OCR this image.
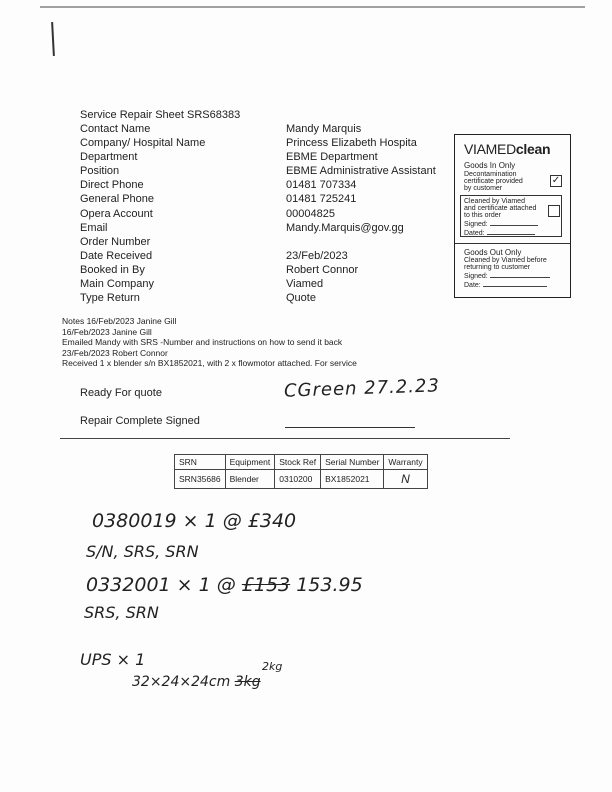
Service Repair Sheet SRS68383
Contact Name	Mandy Marquis
Company/ Hospital Name	Princess Elizabeth Hospita
Department	EBME Department
Position	EBME Administrative Assistant
Direct Phone	01481 707334
General Phone	01481 725241
Opera Account	00004825
Email	Mandy.Marquis@gov.gg
Order Number
Date Received	23/Feb/2023
Booked in By	Robert Connor
Main Company	Viamed
Type Return	Quote
VIAMEDclean
Goods In Only
Decontamination
certificate provided
by customer
✓
Cleaned by Viamed
and certificate attached
to this order
Signed:
Dated:
Goods Out Only
Cleaned by Viamed before
returning to customer
Signed:
Date:
Notes 16/Feb/2023 Janine Gill
16/Feb/2023 Janine Gill
Emailed Mandy with SRS -Number and instructions on how to send it back
23/Feb/2023 Robert Connor
Received 1 x blender s/n BX1852021, with 2 x flowmotor attached. For service
Ready For quote	CGreen 27.2.23
Repair Complete Signed
SRN	Equipment	Stock Ref	Serial Number	Warranty
SRN35686	Blender	0310200	BX1852021	N
0380019 × 1 @ £340
S/N, SRS, SRN
0332001 × 1 @ £153 153.95
SRS, SRN
UPS × 1	2kg
32×24×24cm 3kg
